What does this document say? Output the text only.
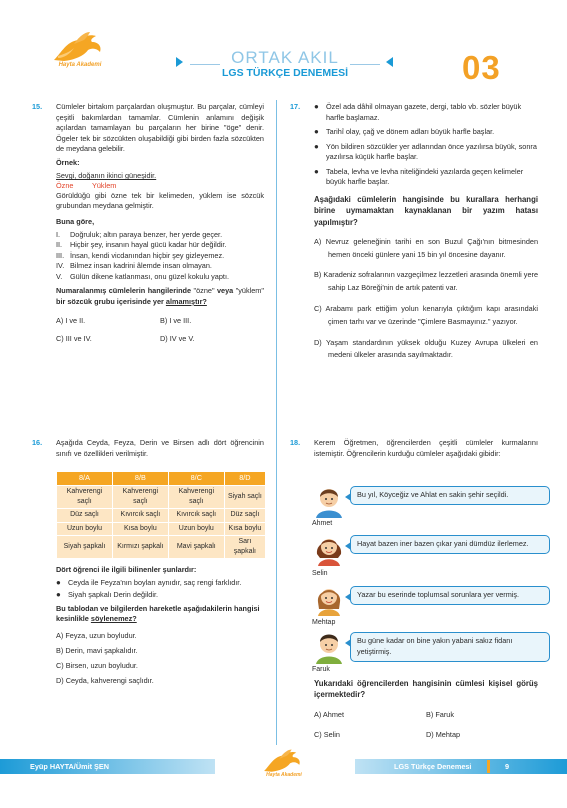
Hayta Akademi	ORTAK AKIL
LGS TÜRKÇE DENEMESİ	03
15. Cümleler birtakım parçalardan oluşmuştur. Bu parçalar, cümleyi çeşitli bakımlardan tamamlar. Cümlenin anlamını değişik açılardan tamamlayan bu parçaların her birine "öge" denir. Ögeler tek bir sözcükten oluşabildiği gibi birden fazla sözcükten de meydana gelebilir.
Örnek:
Sevgi, doğanın ikinci güneşidir.
Özne	Yüklem
Görüldüğü gibi özne tek bir kelimeden, yüklem ise sözcük grubundan meydana gelmiştir.
Buna göre,
I.	Doğruluk; altın paraya benzer, her yerde geçer.
II.	Hiçbir şey, insanın hayal gücü kadar hür değildir.
III. İnsan, kendi vicdanından hiçbir şey gizleyemez.
IV. Bilmez insan kadrini âlemde insan olmayan.
V.	Gülün dikene katlanması, onu güzel kokulu yaptı.
Numaralanmış cümlelerin hangilerinde "özne" veya "yüklem" bir sözcük grubu içerisinde yer almamıştır?
A) I ve II.	B) I ve III.
C) III ve IV.	D) IV ve V.
16. Aşağıda Ceyda, Feyza, Derin ve Birsen adlı dört öğrencinin sınıfı ve özellikleri verilmiştir.
8/A	8/B	8/C	8/D
Kahverengi saçlı	Kahverengi saçlı	Kahverengi saçlı	Siyah saçlı
Düz saçlı	Kıvırcık saçlı	Kıvırcık saçlı	Düz saçlı
Uzun boylu	Kısa boylu	Uzun boylu	Kısa boylu
Siyah şapkalı	Kırmızı şapkalı	Mavi şapkalı	Sarı şapkalı
Dört öğrenci ile ilgili bilinenler şunlardır:
● Ceyda ile Feyza'nın boyları aynıdır, saç rengi farklıdır.
● Siyah şapkalı Derin değildir.
Bu tablodan ve bilgilerden hareketle aşağıdakilerin hangisi kesinlikle söylenemez?
A) Feyza, uzun boyludur.
B) Derin, mavi şapkalıdır.
C) Birsen, uzun boyludur.
D) Ceyda, kahverengi saçlıdır.
17. ● Özel ada dâhil olmayan gazete, dergi, tablo vb. sözler büyük harfle başlamaz.
● Tarihî olay, çağ ve dönem adları büyük harfle başlar.
● Yön bildiren sözcükler yer adlarından önce yazılırsa büyük, sonra yazılırsa küçük harfle başlar.
● Tabela, levha ve levha niteliğindeki yazılarda geçen kelimeler büyük harfle başlar.
Aşağıdaki cümlelerin hangisinde bu kurallara herhangi birine uymamaktan kaynaklanan bir yazım hatası yapılmıştır?
A) Nevruz geleneğinin tarihi en son Buzul Çağı'nın bitmesinden hemen önceki günlere yani 15 bin yıl öncesine dayanır.
B) Karadeniz sofralarının vazgeçilmez lezzetleri arasında önemli yere sahip Laz Böreği'nin de artık patenti var.
C) Arabamı park ettiğim yolun kenarıyla çıktığım kapı arasındaki çimen tarhı var ve üzerinde "Çimlere Basmayınız." yazıyor.
D) Yaşam standardının yüksek olduğu Kuzey Avrupa ülkeleri en medeni ülkeler arasında sayılmaktadır.
18. Kerem Öğretmen, öğrencilerden çeşitli cümleler kurmalarını istemiştir. Öğrencilerin kurduğu cümleler aşağıdaki gibidir:
Ahmet
Bu yıl, Köyceğiz ve Ahlat en sakin şehir seçildi.
Selin
Hayat bazen iner bazen çıkar yani dümdüz ilerlemez.
Mehtap
Yazar bu eserinde toplumsal sorunlara yer vermiş.
Faruk
Bu güne kadar on bine yakın yabani sakız fidanı yetiştirmiş.
Yukarıdaki öğrencilerden hangisinin cümlesi kişisel görüş içermektedir?
A) Ahmet	B) Faruk
C) Selin	D) Mehtap
Eyüp HAYTA/Ümit ŞEN	LGS Türkçe Denemesi	9
Hayta Akademi
